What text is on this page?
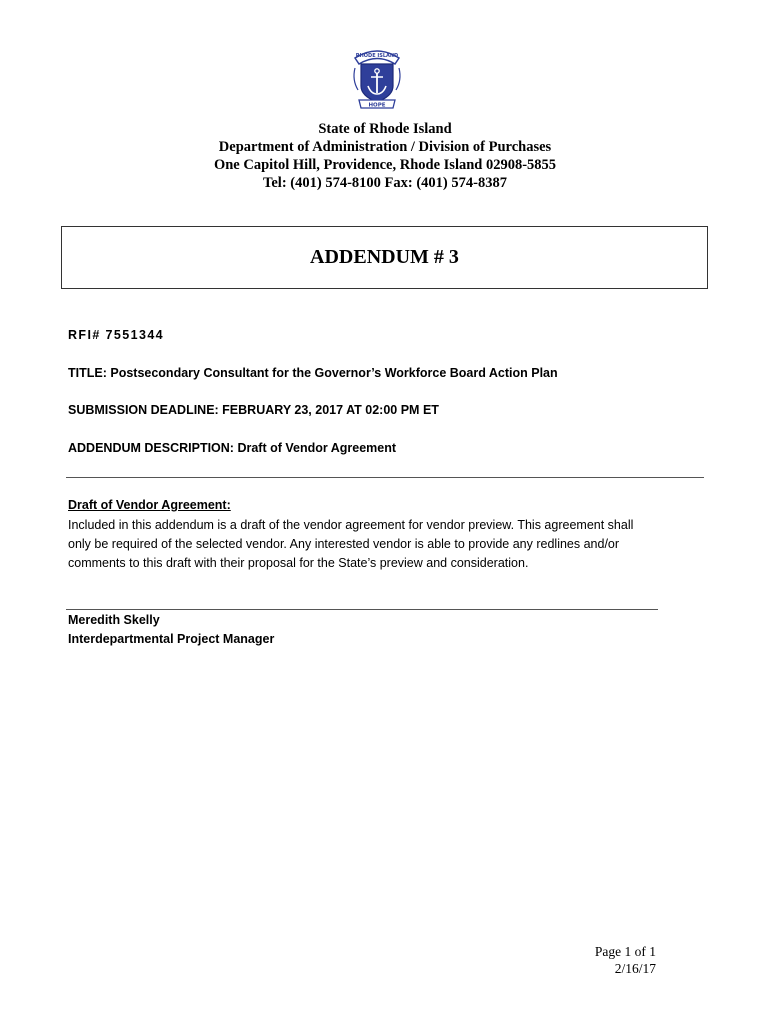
RHODE ISLAND
HOPE
State of Rhode Island
Department of Administration / Division of Purchases
One Capitol Hill, Providence, Rhode Island 02908-5855
Tel: (401) 574-8100 Fax: (401) 574-8387
ADDENDUM # 3
RFI# 7551344
TITLE: Postsecondary Consultant for the Governor’s Workforce Board Action Plan
SUBMISSION DEADLINE: FEBRUARY 23, 2017 AT 02:00 PM ET
ADDENDUM DESCRIPTION: Draft of Vendor Agreement
Draft of Vendor Agreement:
Included in this addendum is a draft of the vendor agreement for vendor preview. This agreement shall only be required of the selected vendor. Any interested vendor is able to provide any redlines and/or comments to this draft with their proposal for the State’s preview and consideration.
Meredith Skelly
Interdepartmental Project Manager
Page 1 of 1
2/16/17
